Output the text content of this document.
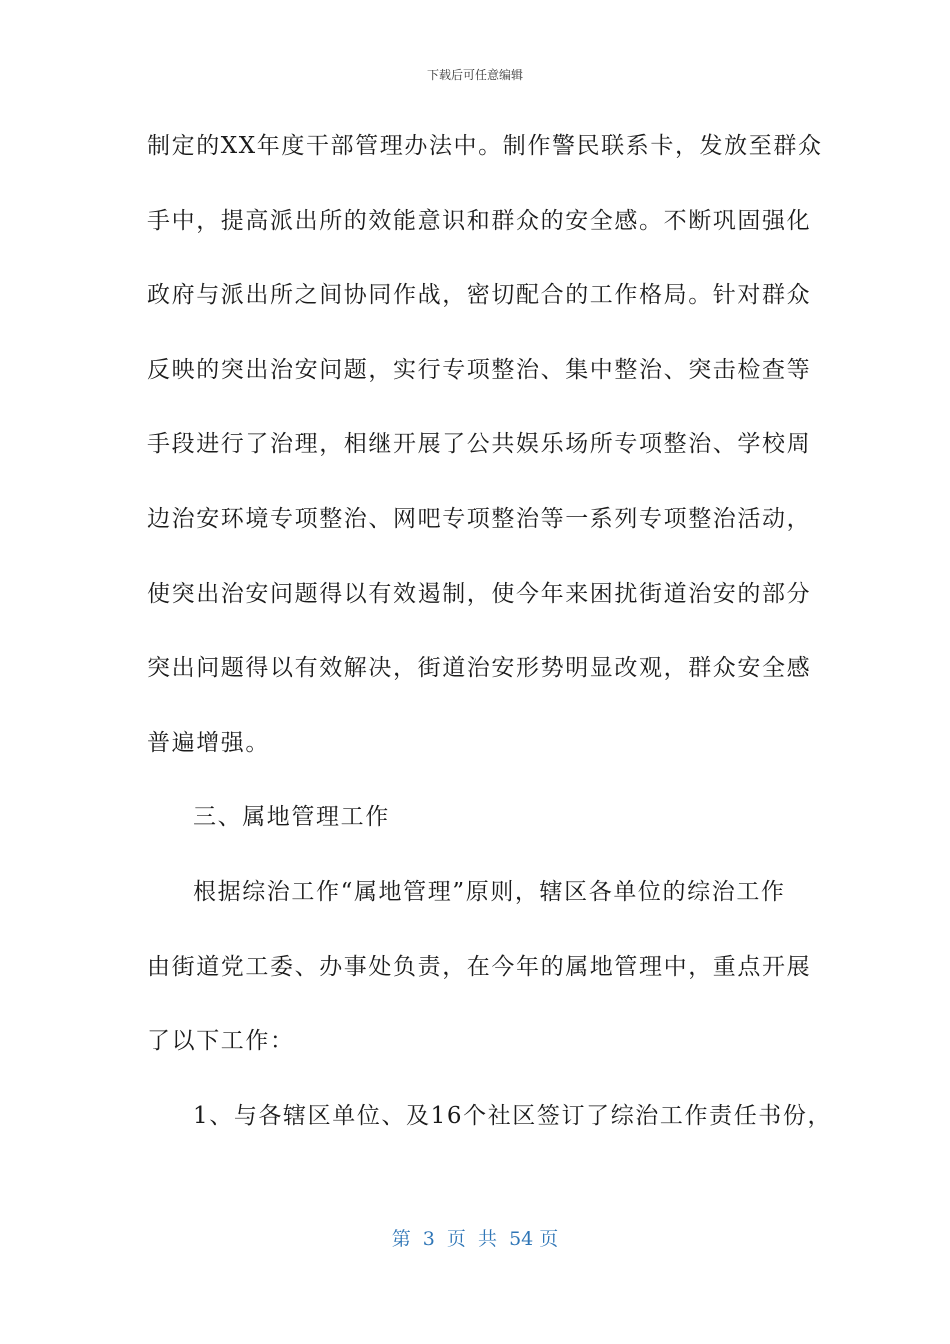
下载后可任意编辑
制定的XX年度干部管理办法中。制作警民联系卡，发放至群众
手中，提高派出所的效能意识和群众的安全感。不断巩固强化
政府与派出所之间协同作战，密切配合的工作格局。针对群众
反映的突出治安问题，实行专项整治、集中整治、突击检查等
手段进行了治理，相继开展了公共娱乐场所专项整治、学校周
边治安环境专项整治、网吧专项整治等一系列专项整治活动，
使突出治安问题得以有效遏制，使今年来困扰街道治安的部分
突出问题得以有效解决，街道治安形势明显改观，群众安全感
普遍增强。
三、属地管理工作
根据综治工作“属地管理”原则，辖区各单位的综治工作
由街道党工委、办事处负责，在今年的属地管理中，重点开展
了以下工作：
1、与各辖区单位、及16个社区签订了综治工作责任书份，
第  3  页  共  54 页
